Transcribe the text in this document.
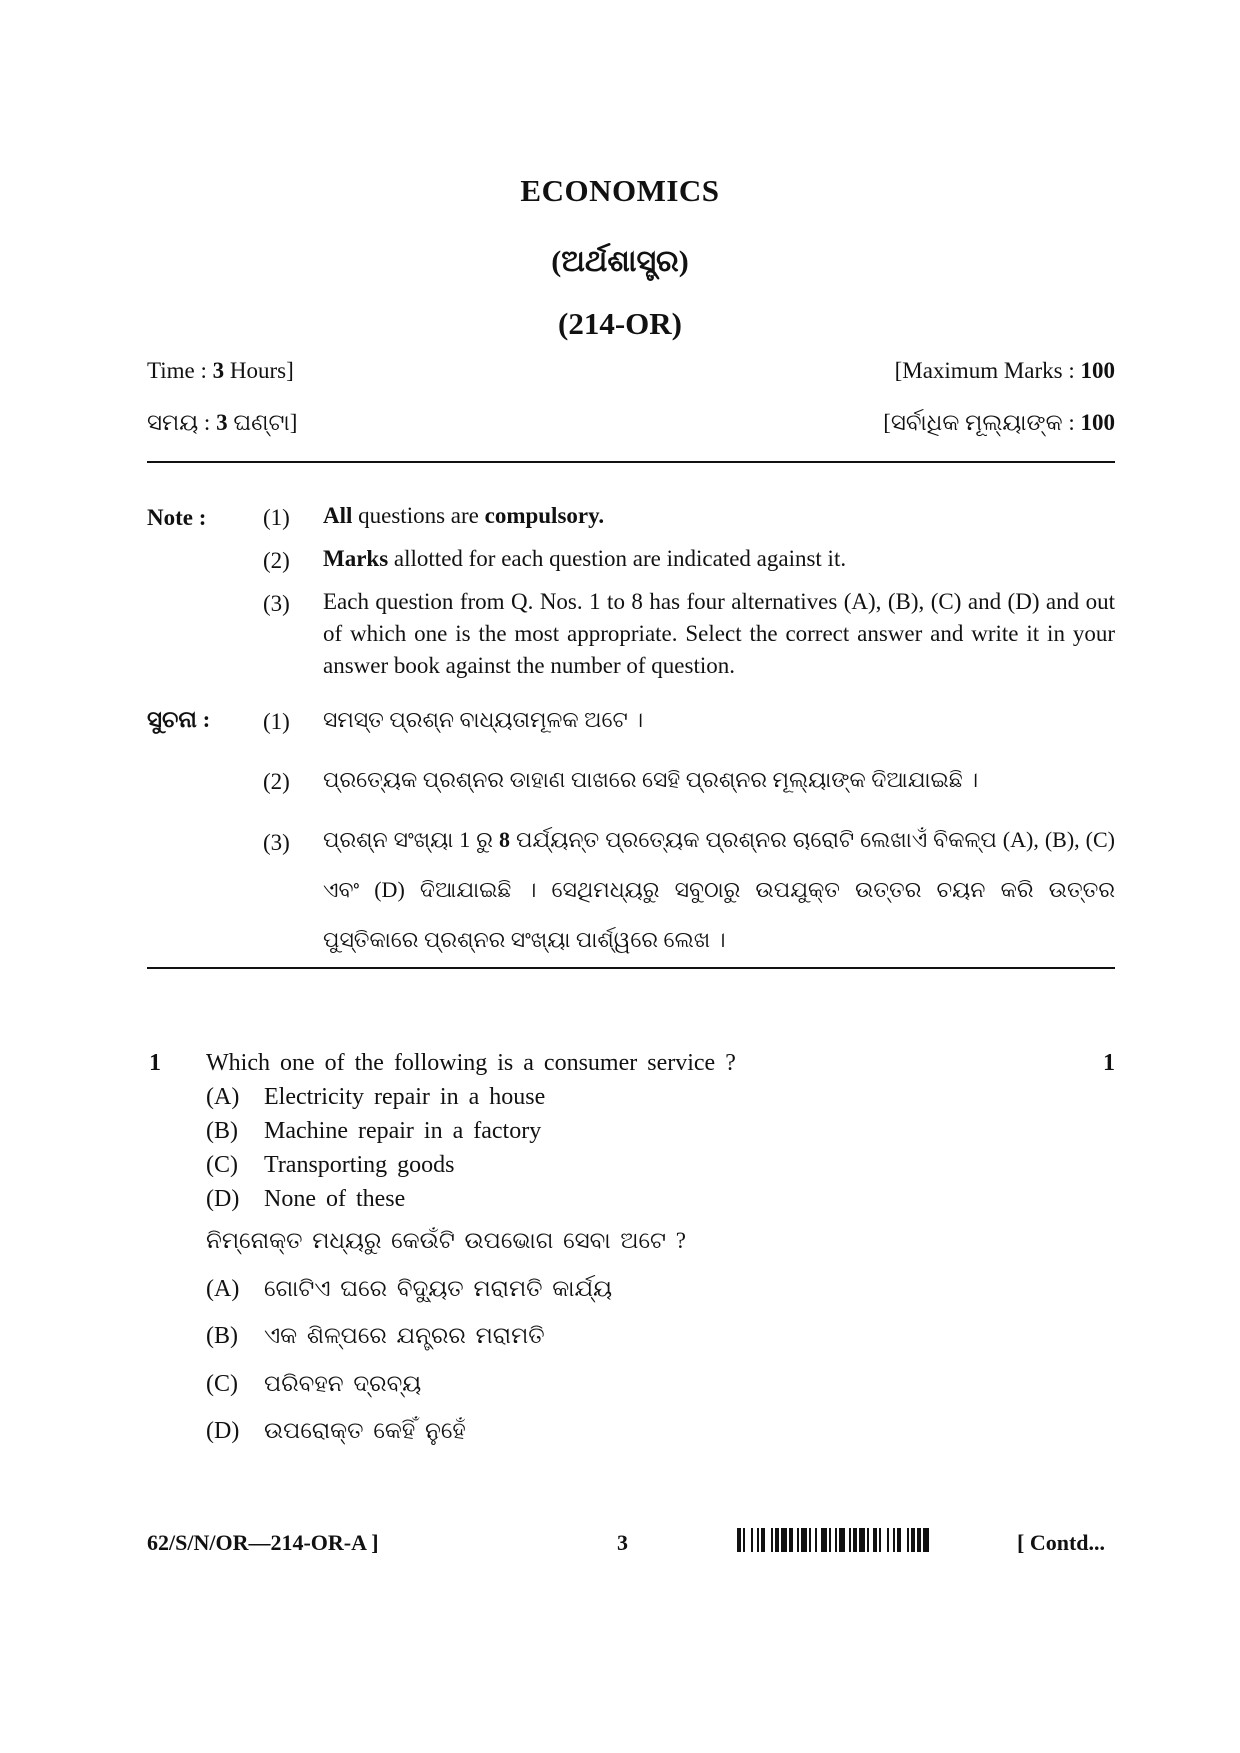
ECONOMICS
(ଅର୍ଥଶାସ୍ତ୍ର)
(214-OR)
Time : 3 Hours]	[Maximum Marks : 100
ସମୟ : 3 ଘଣ୍ଟା]	[ସର୍ବାଧିକ ମୂଲ୍ୟାଙ୍କ : 100
Note : (1) All questions are compulsory.
(2) Marks allotted for each question are indicated against it.
(3) Each question from Q. Nos. 1 to 8 has four alternatives (A), (B), (C) and (D) and out of which one is the most appropriate. Select the correct answer and write it in your answer book against the number of question.
ସୁଚନା : (1) ସମସ୍ତ ପ୍ରଶ୍ନ ବାଧ୍ୟତାମୂଳକ ଅଟେ ।
(2) ପ୍ରତ୍ୟେକ ପ୍ରଶ୍ନର ଡାହାଣ ପାଖରେ ସେହି ପ୍ରଶ୍ନର ମୂଲ୍ୟାଙ୍କ ଦିଆଯାଇଛି ।
(3) ପ୍ରଶ୍ନ ସଂଖ୍ୟା 1 ରୁ 8 ପର୍ଯ୍ୟନ୍ତ ପ୍ରତ୍ୟେକ ପ୍ରଶ୍ନର ଚାରୋଟି ଲେଖାଏଁ ବିକଳ୍ପ (A), (B), (C) ଏବଂ (D) ଦିଆଯାଇଛି । ସେଥିମଧ୍ୟରୁ ସବୁଠାରୁ ଉପଯୁକ୍ତ ଉତ୍ତର ଚୟନ କରି ଉତ୍ତର ପୁସ୍ତିକାରେ ପ୍ରଶ୍ନର ସଂଖ୍ୟା ପାର୍ଶ୍ୱରେ ଲେଖ ।
1 Which one of the following is a consumer service ?	1
(A) Electricity repair in a house
(B) Machine repair in a factory
(C) Transporting goods
(D) None of these
ନିମ୍ନୋକ୍ତ ମଧ୍ୟରୁ କେଉଁଟି ଉପଭୋଗ ସେବା ଅଟେ ?
(A) ଗୋଟିଏ ଘରେ ବିଦ୍ୟୁତ ମରାମତି କାର୍ଯ୍ୟ
(B) ଏକ ଶିଳ୍ପରେ ଯନ୍ତ୍ରର ମରାମତି
(C) ପରିବହନ ଦ୍ରବ୍ୟ
(D) ଉପରୋକ୍ତ କେହିଁ ନୁହେଁ
62/S/N/OR—214-OR-A ]	3	[ Contd...
